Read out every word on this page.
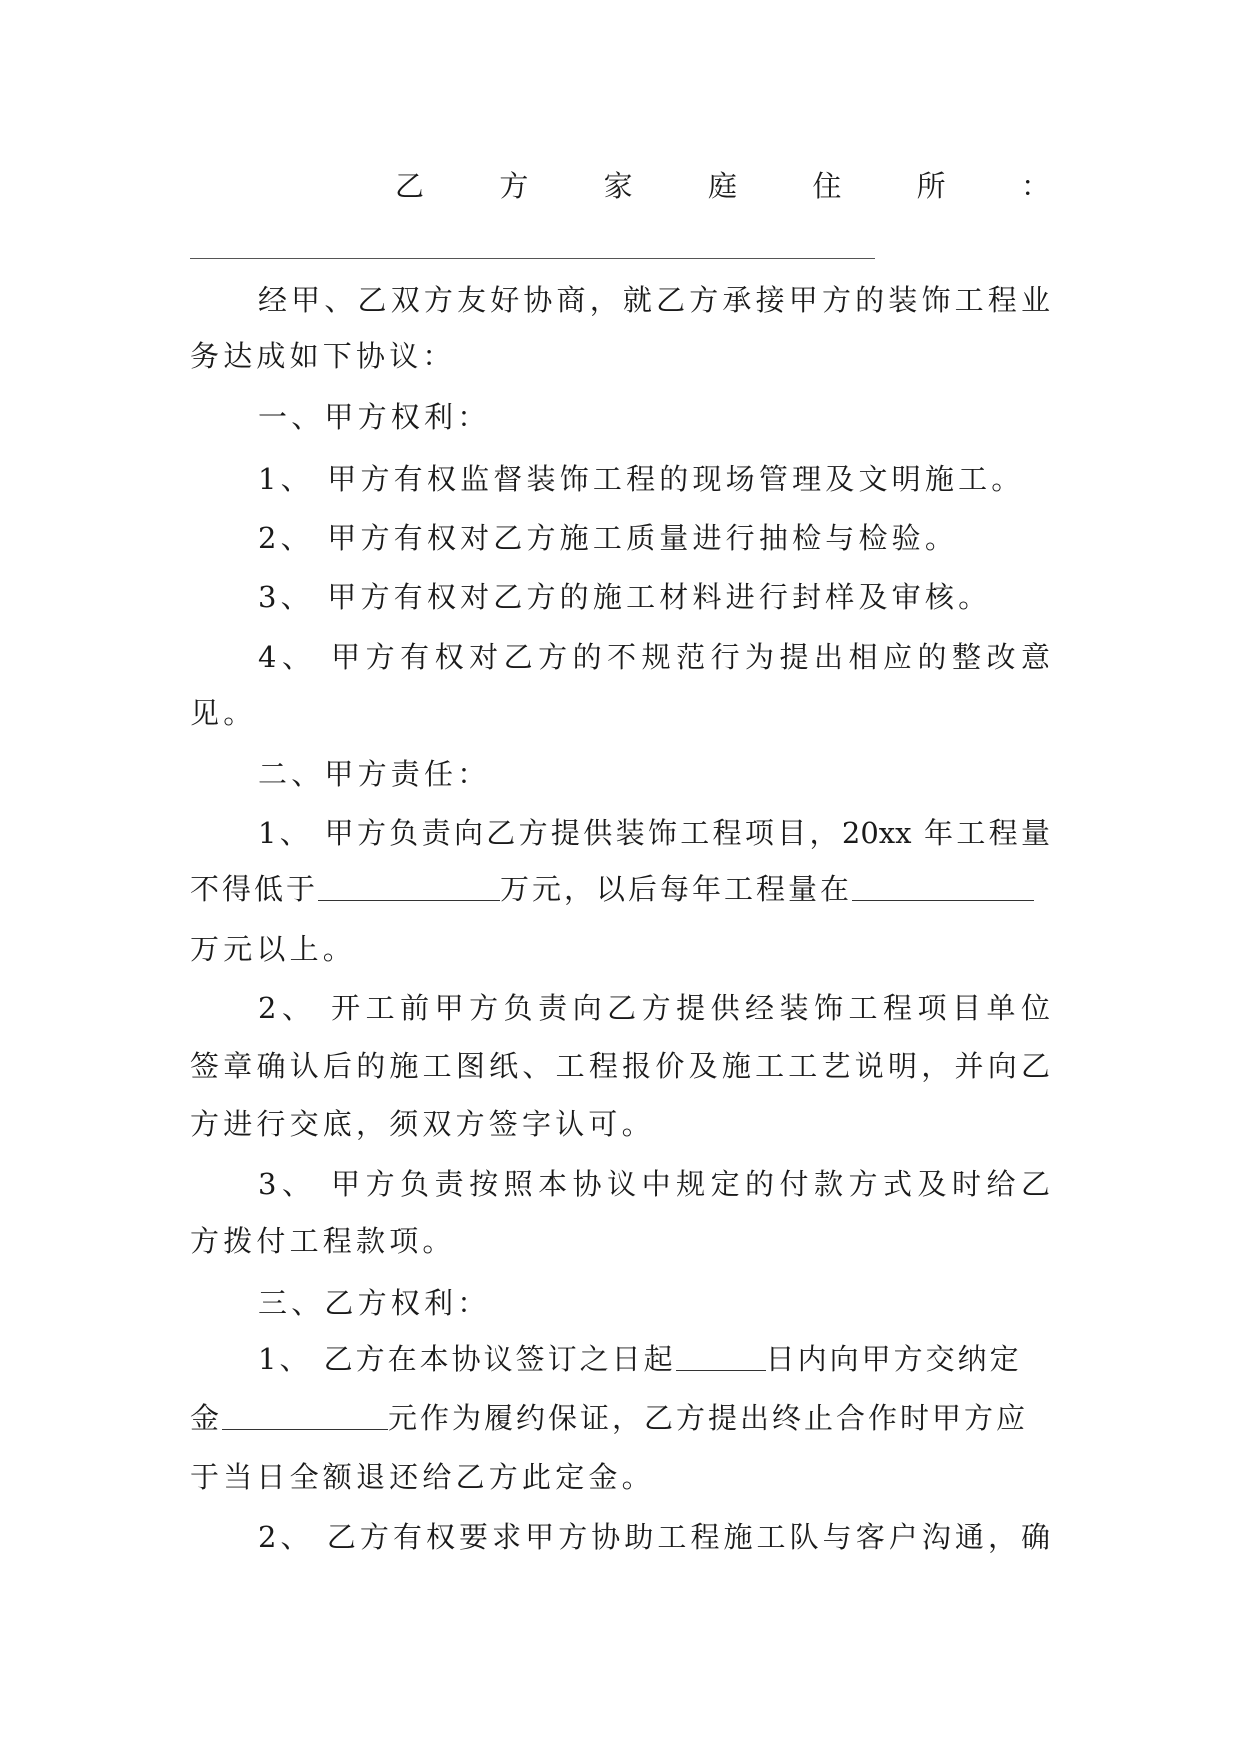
乙	方	家	庭	住	所	：
经甲、乙双方友好协商，就乙方承接甲方的装饰工程业
务达成如下协议：
一、甲方权利：
1、 甲方有权监督装饰工程的现场管理及文明施工。
2、 甲方有权对乙方施工质量进行抽检与检验。
3、 甲方有权对乙方的施工材料进行封样及审核。
4、 甲方有权对乙方的不规范行为提出相应的整改意
见。
二、甲方责任：
1、 甲方负责向乙方提供装饰工程项目，20xx 年工程量
不得低于	万元，以后每年工程量在
万元以上。
2、 开工前甲方负责向乙方提供经装饰工程项目单位
签章确认后的施工图纸、工程报价及施工工艺说明，并向乙
方进行交底，须双方签字认可。
3、 甲方负责按照本协议中规定的付款方式及时给乙
方拨付工程款项。
三、乙方权利：
1、 乙方在本协议签订之日起	日内向甲方交纳定
金	元作为履约保证，乙方提出终止合作时甲方应
于当日全额退还给乙方此定金。
2、 乙方有权要求甲方协助工程施工队与客户沟通，确
